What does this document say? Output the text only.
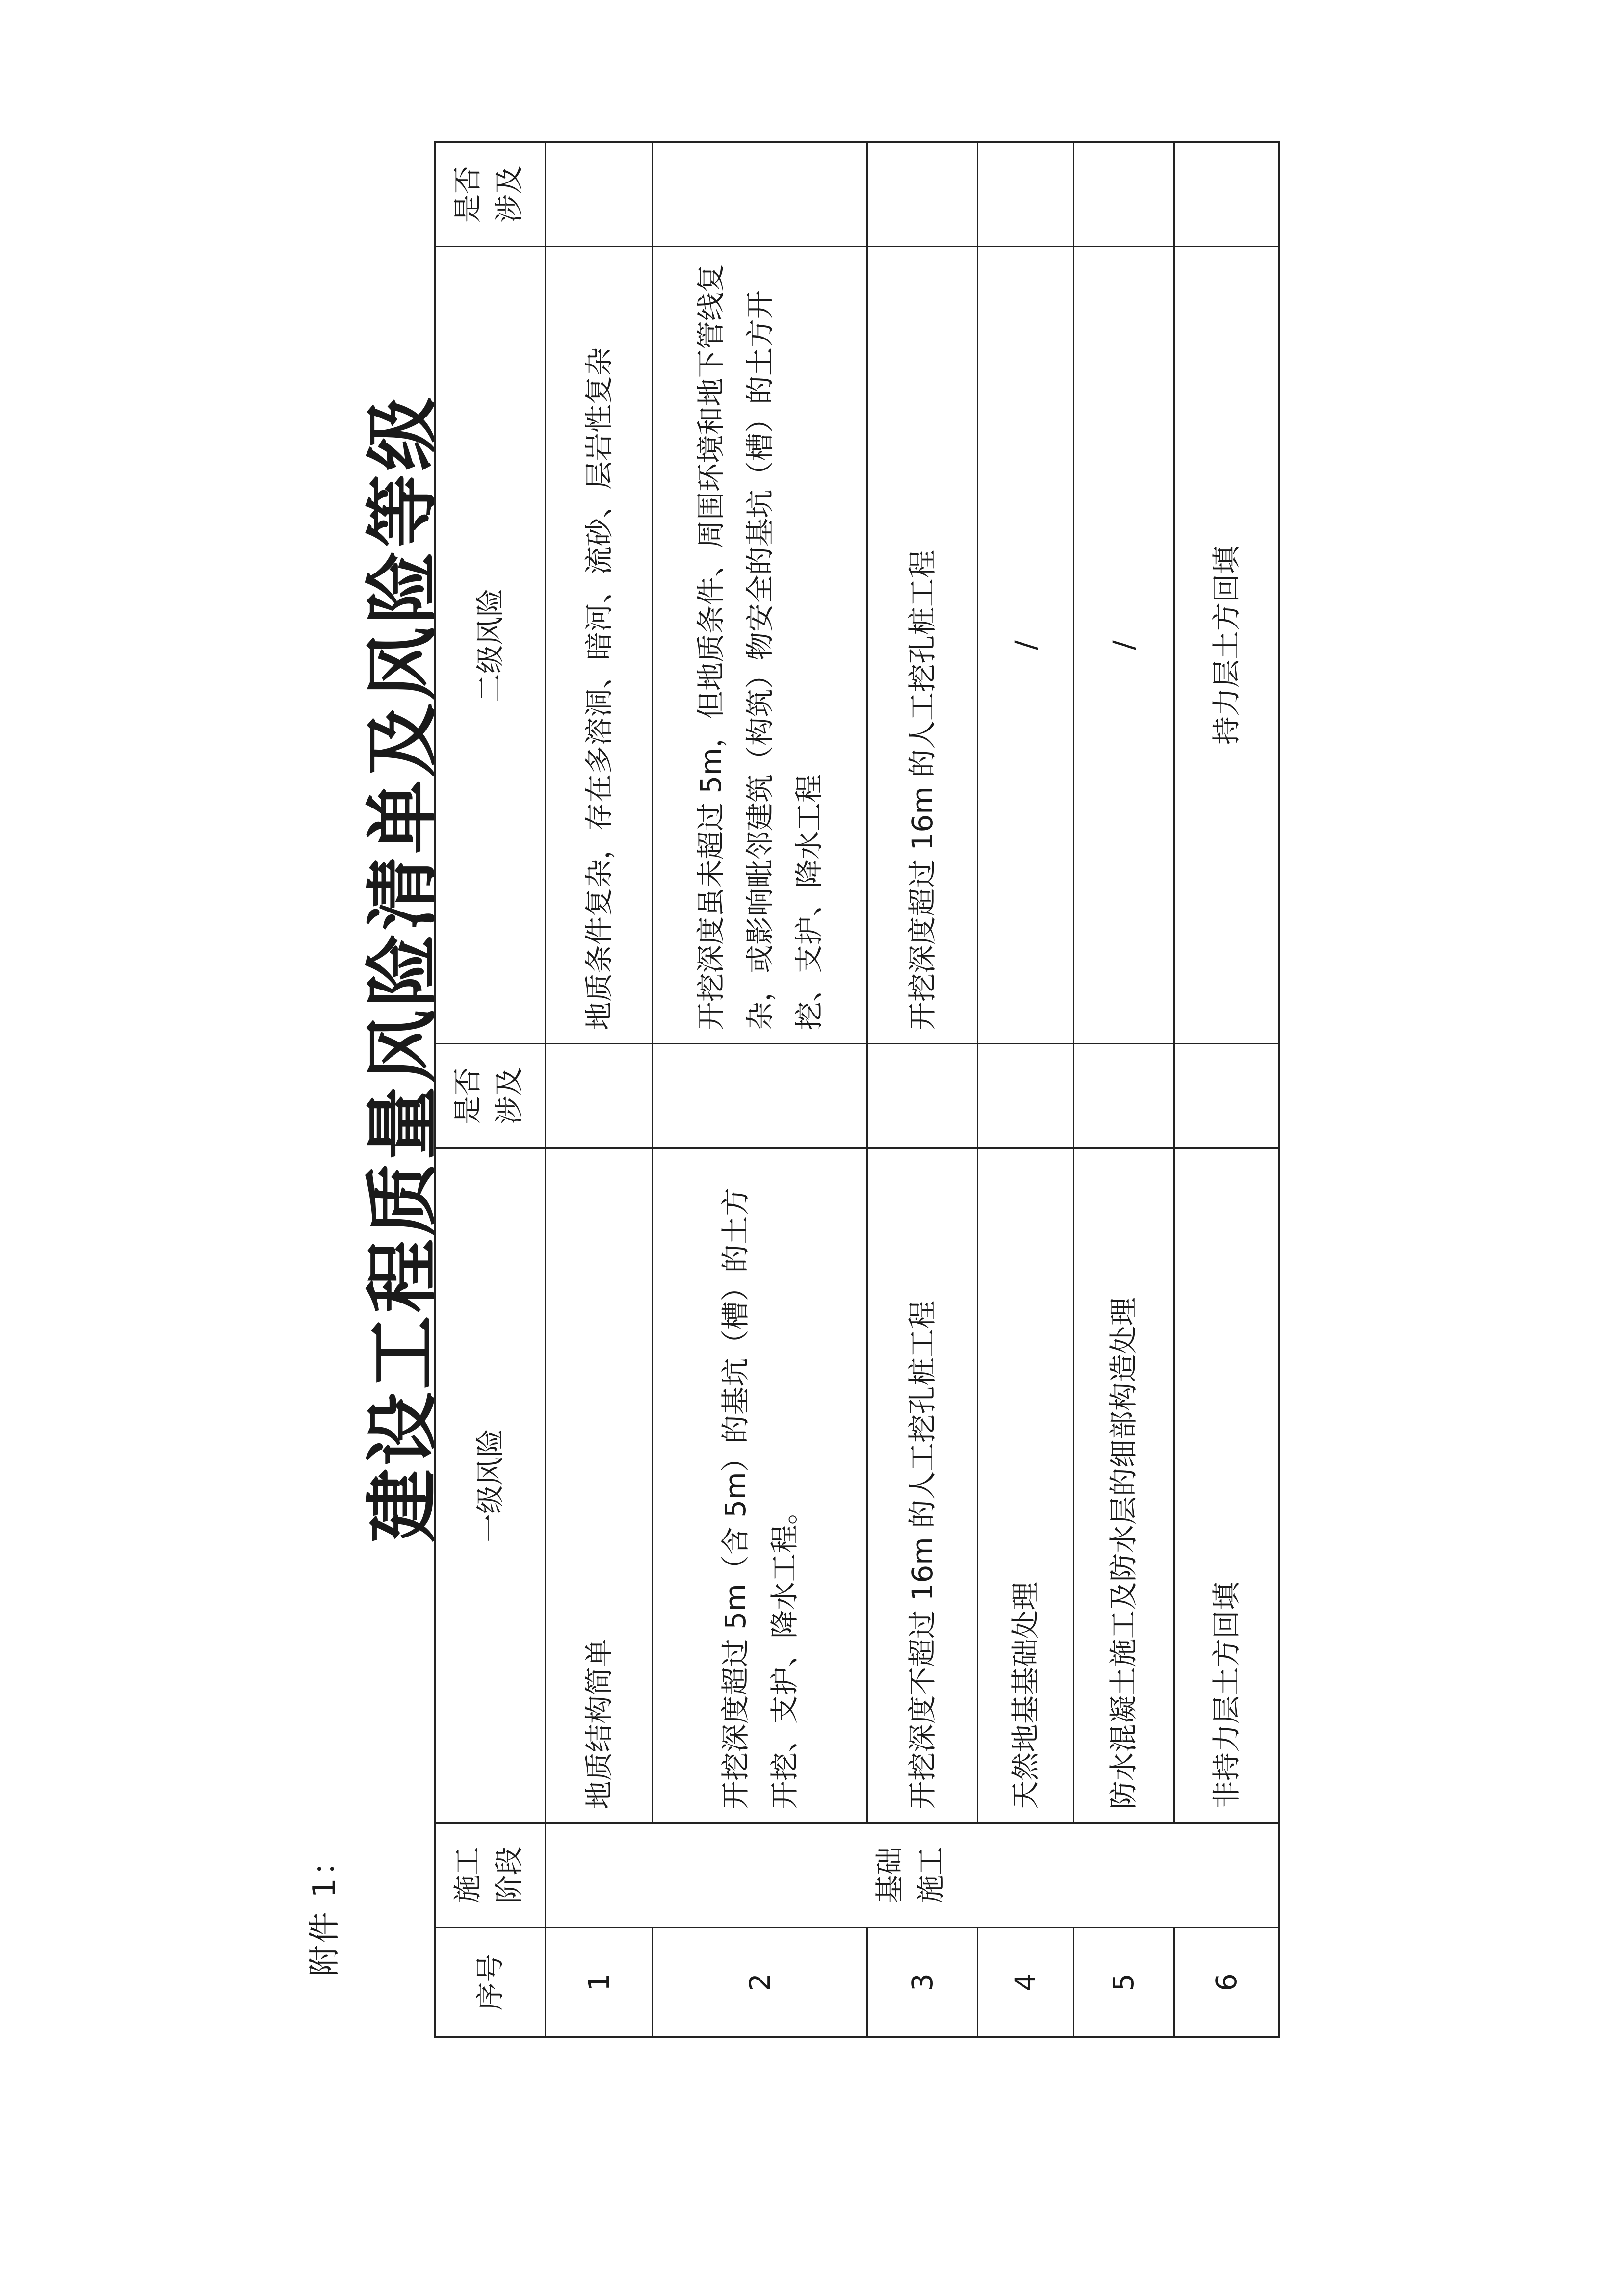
附件 1：
建设工程质量风险清单及风险等级
序号	施工 阶段	一级风险	是否 涉及	二级风险	是否 涉及
1	基础 施工	地质结构简单		地质条件复杂，存在多溶洞、暗河、流砂、层岩性复杂	
2		开挖深度超过 5m（含 5m）的基坑（槽）的土方开挖、支护、降水工程。		开挖深度虽未超过 5m，但地质条件、周围环境和地下管线复杂，或影响毗邻建筑（构筑）物安全的基坑（槽）的土方开挖、支护、降水工程	
3		开挖深度不超过 16m 的人工挖孔桩工程		开挖深度超过 16m 的人工挖孔桩工程	
4		天然地基基础处理		/	
5		防水混凝土施工及防水层的细部构造处理		/	
6		非持力层土方回填		持力层土方回填	
